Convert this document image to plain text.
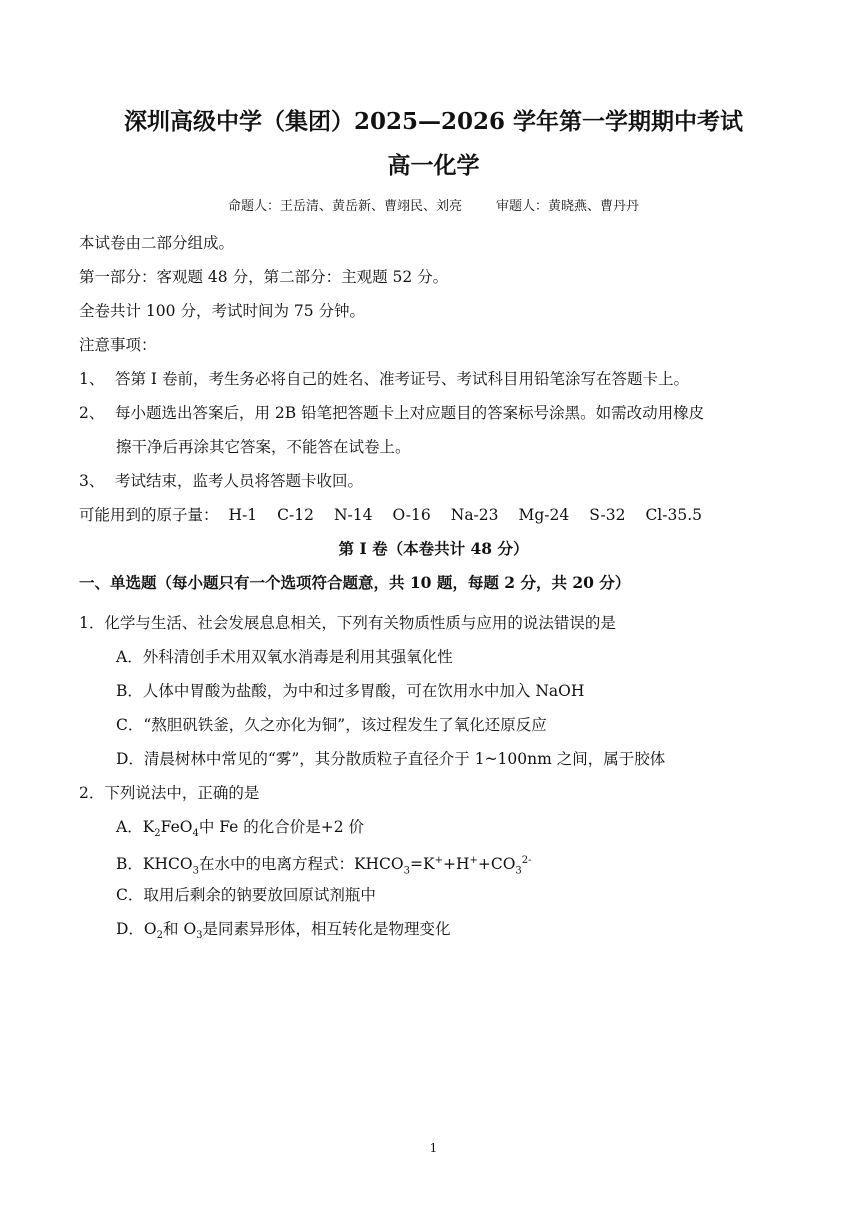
深圳高级中学（集团）2025—2026 学年第一学期期中考试
高一化学
命题人：王岳清、黄岳新、曹翊民、刘亮	审题人：黄晓燕、曹丹丹
本试卷由二部分组成。
第一部分：客观题 48 分，第二部分：主观题 52 分。
全卷共计 100 分，考试时间为 75 分钟。
注意事项：
1、 答第 I 卷前，考生务必将自己的姓名、准考证号、考试科目用铅笔涂写在答题卡上。
2、 每小题选出答案后，用 2B 铅笔把答题卡上对应题目的答案标号涂黑。如需改动用橡皮
擦干净后再涂其它答案，不能答在试卷上。
3、 考试结束，监考人员将答题卡收回。
可能用到的原子量： H-1 C-12 N-14 O-16 Na-23 Mg-24 S-32 Cl-35.5
第 I 卷（本卷共计 48 分）
一、单选题（每小题只有一个选项符合题意，共 10 题，每题 2 分，共 20 分）
1．化学与生活、社会发展息息相关，下列有关物质性质与应用的说法错误的是
A．外科清创手术用双氧水消毒是利用其强氧化性
B．人体中胃酸为盐酸，为中和过多胃酸，可在饮用水中加入 NaOH
C．“熬胆矾铁釜，久之亦化为铜”，该过程发生了氧化还原反应
D．清晨树林中常见的“雾”，其分散质粒子直径介于 1~100nm 之间，属于胶体
2．下列说法中，正确的是
A．$K_2FeO_4$中 Fe 的化合价是+2 价
B．$KHCO_3$在水中的电离方程式：$KHCO_3=K^++H^++CO_3^{2-}$
C．取用后剩余的钠要放回原试剂瓶中
D．$O_2$和 $O_3$是同素异形体，相互转化是物理变化
1
